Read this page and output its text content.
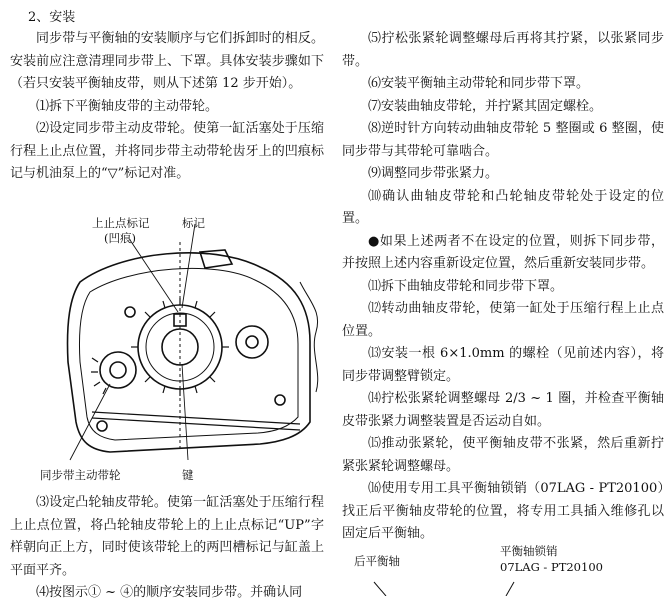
2、安装

同步带与平衡轴的安装顺序与它们拆卸时的相反。安装前应注意清理同步带上、下罩。具体安装步骤如下（若只安装平衡轴皮带，则从下述第 12 步开始）。

⑴拆下平衡轴皮带的主动带轮。

⑵设定同步带主动皮带轮。使第一缸活塞处于压缩行程上止点位置，并将同步带主动带轮齿牙上的凹痕标记与机油泵上的“▽”标记对准。

上止点标记
(凹痕)
标记
同步带主动带轮	键

⑶设定凸轮轴皮带轮。使第一缸活塞处于压缩行程上止点位置，将凸轮轴皮带轮上的上止点标记“UP”字样朝向正上方，同时使该带轮上的两凹槽标记与缸盖上平面平齐。

⑷按图示① ~ ④的顺序安装同步带。并确认同

⑸拧松张紧轮调整螺母后再将其拧紧，以张紧同步带。

⑹安装平衡轴主动带轮和同步带下罩。

⑺安装曲轴皮带轮，并拧紧其固定螺栓。

⑻逆时针方向转动曲轴皮带轮 5 整圈或 6 整圈，使同步带与其带轮可靠啮合。

⑼调整同步带张紧力。

⑽确认曲轴皮带轮和凸轮轴皮带轮处于设定的位置。

●如果上述两者不在设定的位置，则拆下同步带，并按照上述内容重新设定位置，然后重新安装同步带。

⑾拆下曲轴皮带轮和同步带下罩。

⑿转动曲轴皮带轮，使第一缸处于压缩行程上止点位置。

⒀安装一根 6×1.0mm 的螺栓（见前述内容），将同步带调整臂锁定。

⒁拧松张紧轮调整螺母 2/3 ~ 1 圈，并检查平衡轴皮带张紧力调整装置是否运动自如。

⒂推动张紧轮，使平衡轴皮带不张紧，然后重新拧紧张紧轮调整螺母。

⒃使用专用工具平衡轴锁销（07LAG - PT20100）找正后平衡轴皮带轮的位置，将专用工具插入维修孔以固定后平衡轴。

后平衡轴
平衡轴锁销
07LAG - PT20100
